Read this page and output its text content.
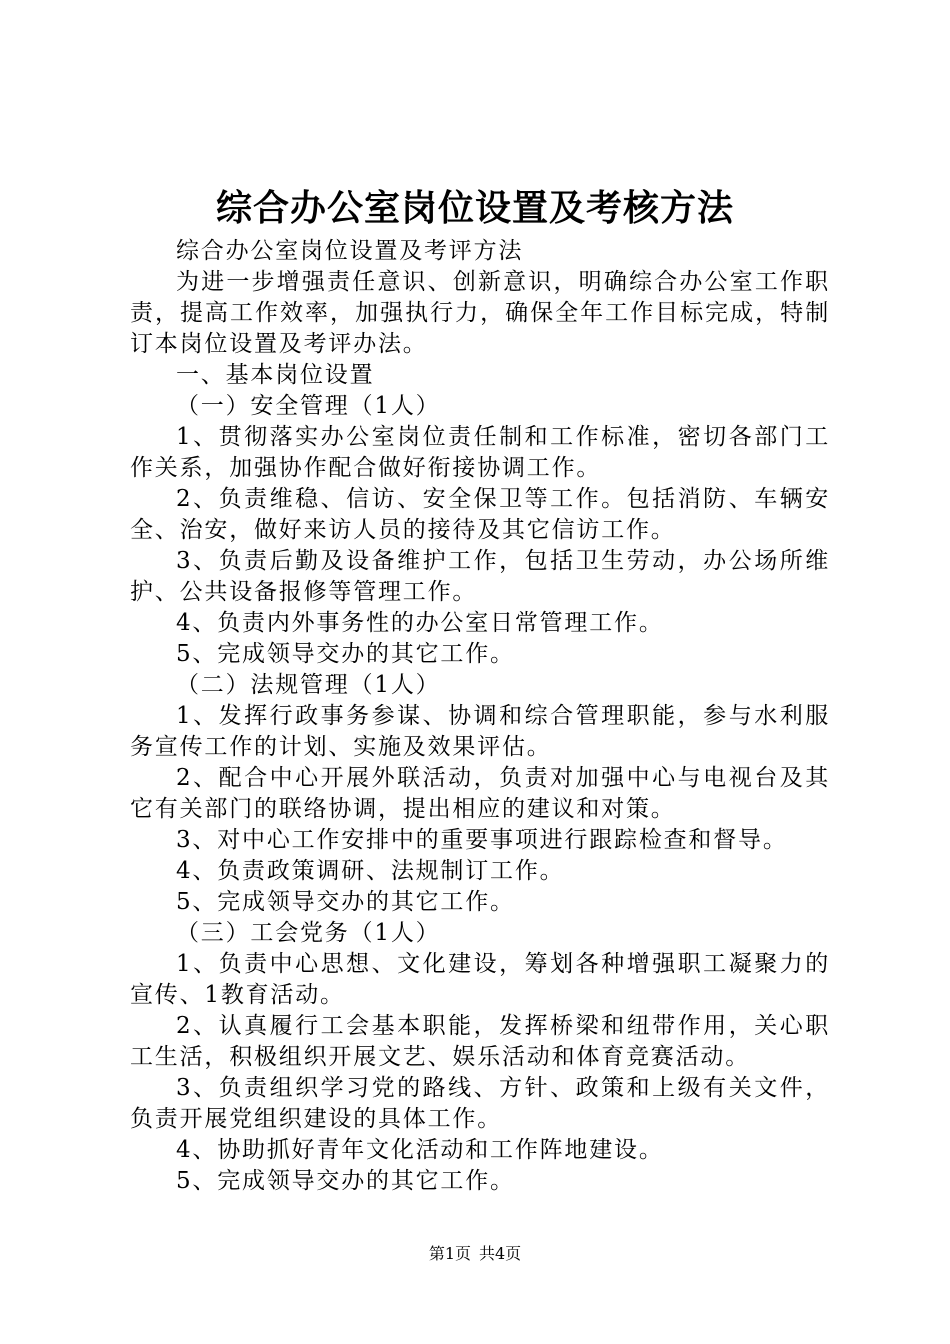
综合办公室岗位设置及考核方法

综合办公室岗位设置及考评方法

为进一步增强责任意识、创新意识，明确综合办公室工作职责，提高工作效率，加强执行力，确保全年工作目标完成，特制订本岗位设置及考评办法。

一、基本岗位设置

（一）安全管理（1人）

1、贯彻落实办公室岗位责任制和工作标准，密切各部门工作关系，加强协作配合做好衔接协调工作。

2、负责维稳、信访、安全保卫等工作。包括消防、车辆安全、治安，做好来访人员的接待及其它信访工作。

3、负责后勤及设备维护工作，包括卫生劳动，办公场所维护、公共设备报修等管理工作。

4、负责内外事务性的办公室日常管理工作。

5、完成领导交办的其它工作。

（二）法规管理（1人）

1、发挥行政事务参谋、协调和综合管理职能，参与水利服务宣传工作的计划、实施及效果评估。

2、配合中心开展外联活动，负责对加强中心与电视台及其它有关部门的联络协调，提出相应的建议和对策。

3、对中心工作安排中的重要事项进行跟踪检查和督导。

4、负责政策调研、法规制订工作。

5、完成领导交办的其它工作。

（三）工会党务（1人）

1、负责中心思想、文化建设，筹划各种增强职工凝聚力的宣传、1教育活动。

2、认真履行工会基本职能，发挥桥梁和纽带作用，关心职工生活，积极组织开展文艺、娱乐活动和体育竞赛活动。

3、负责组织学习党的路线、方针、政策和上级有关文件，负责开展党组织建设的具体工作。

4、协助抓好青年文化活动和工作阵地建设。

5、完成领导交办的其它工作。

第1页 共4页
